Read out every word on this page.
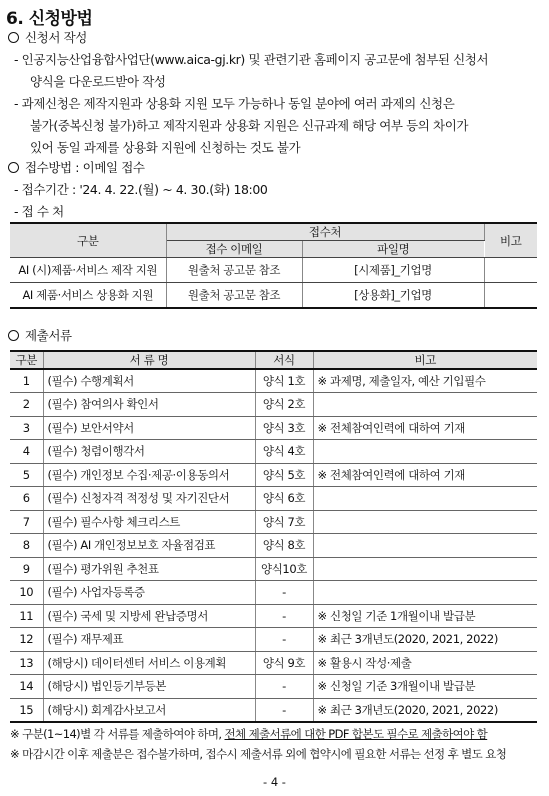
6. 신청방법
신청서 작성
- 인공지능산업융합사업단(www.aica-gj.kr) 및 관련기관 홈페이지 공고문에 첨부된 신청서
양식을 다운로드받아 작성
- 과제신청은 제작지원과 상용화 지원 모두 가능하나 동일 분야에 여러 과제의 신청은
불가(중복신청 불가)하고 제작지원과 상용화 지원은 신규과제 해당 여부 등의 차이가
있어 동일 과제를 상용화 지원에 신청하는 것도 불가
접수방법 : 이메일 접수
- 접수기간 : '24. 4. 22.(월) ~ 4. 30.(화) 18:00
- 접 수 처
구분	접수처		비고
	접수 이메일	파일명	
AI (시)제품·서비스 제작 지원	원출처 공고문 참조	[시제품]_기업명	
AI 제품·서비스 상용화 지원	원출처 공고문 참조	[상용화]_기업명	
제출서류
구분	서 류 명	서식	비고
1	(필수) 수행계획서	양식 1호	※ 과제명, 제출일자, 예산 기입필수
2	(필수) 참여의사 확인서	양식 2호	
3	(필수) 보안서약서	양식 3호	※ 전체참여인력에 대하여 기재
4	(필수) 청렴이행각서	양식 4호	
5	(필수) 개인정보 수집·제공·이용동의서	양식 5호	※ 전체참여인력에 대하여 기재
6	(필수) 신청자격 적정성 및 자기진단서	양식 6호	
7	(필수) 필수사항 체크리스트	양식 7호	
8	(필수) AI 개인정보보호 자율점검표	양식 8호	
9	(필수) 평가위원 추천표	양식10호	
10	(필수) 사업자등록증	-	
11	(필수) 국세 및 지방세 완납증명서	-	※ 신청일 기준 1개월이내 발급분
12	(필수) 재무제표	-	※ 최근 3개년도(2020, 2021, 2022)
13	(해당시) 데이터센터 서비스 이용계획	양식 9호	※ 활용시 작성·제출
14	(해당시) 법인등기부등본	-	※ 신청일 기준 3개월이내 발급분
15	(해당시) 회계감사보고서	-	※ 최근 3개년도(2020, 2021, 2022)
※ 구분(1~14)별 각 서류를 제출하여야 하며, 전체 제출서류에 대한 PDF 합본도 필수로 제출하여야 함
※ 마감시간 이후 제출분은 접수불가하며, 접수시 제출서류 외에 협약시에 필요한 서류는 선정 후 별도 요청
- 4 -
